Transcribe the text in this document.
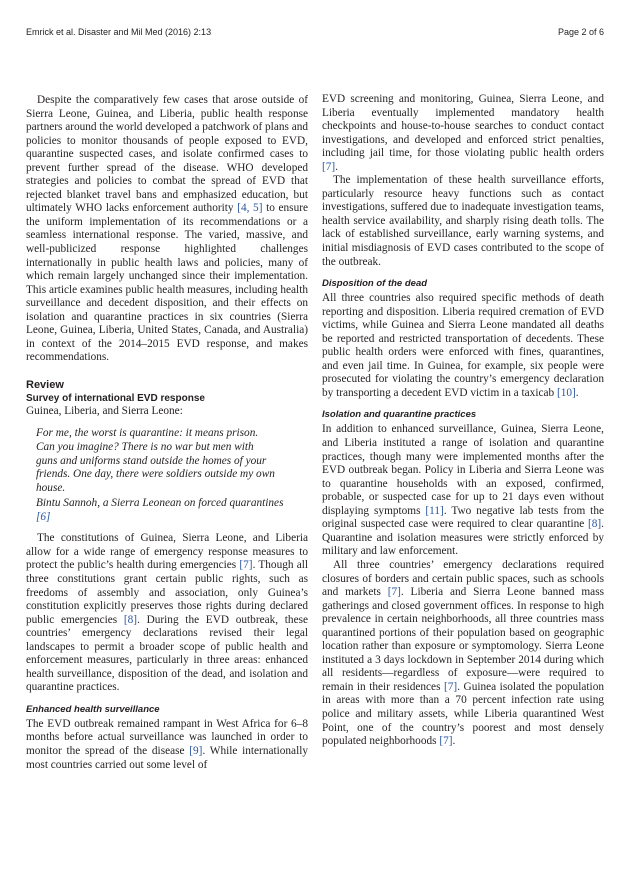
Emrick et al. Disaster and Mil Med (2016) 2:13	Page 2 of 6

Despite the comparatively few cases that arose outside of Sierra Leone, Guinea, and Liberia, public health response partners around the world developed a patchwork of plans and policies to monitor thousands of people exposed to EVD, quarantine suspected cases, and isolate confirmed cases to prevent further spread of the disease. WHO developed strategies and policies to combat the spread of EVD that rejected blanket travel bans and emphasized education, but ultimately WHO lacks enforcement authority [4, 5] to ensure the uniform implementation of its recommendations or a seamless international response. The varied, massive, and well-publicized response highlighted challenges internationally in public health laws and policies, many of which remain largely unchanged since their implementation. This article examines public health measures, including health surveillance and decedent disposition, and their effects on isolation and quarantine practices in six countries (Sierra Leone, Guinea, Liberia, United States, Canada, and Australia) in context of the 2014–2015 EVD response, and makes recommendations.

Review
Survey of international EVD response

Guinea, Liberia, and Sierra Leone:

For me, the worst is quarantine: it means prison.
Can you imagine? There is no war but men with
guns and uniforms stand outside the homes of your
friends. One day, there were soldiers outside my own
house.
Bintu Sannoh, a Sierra Leonean on forced quarantines [6]

The constitutions of Guinea, Sierra Leone, and Liberia allow for a wide range of emergency response measures to protect the public’s health during emergencies [7]. Though all three constitutions grant certain public rights, such as freedoms of assembly and association, only Guinea’s constitution explicitly preserves those rights during declared public emergencies [8]. During the EVD outbreak, these countries’ emergency declarations revised their legal landscapes to permit a broader scope of public health and enforcement measures, particularly in three areas: enhanced health surveillance, disposition of the dead, and isolation and quarantine practices.

Enhanced health surveillance

The EVD outbreak remained rampant in West Africa for 6–8 months before actual surveillance was launched in order to monitor the spread of the disease [9]. While internationally most countries carried out some level of

EVD screening and monitoring, Guinea, Sierra Leone, and Liberia eventually implemented mandatory health checkpoints and house-to-house searches to conduct contact investigations, and developed and enforced strict penalties, including jail time, for those violating public health orders [7].

The implementation of these health surveillance efforts, particularly resource heavy functions such as contact investigations, suffered due to inadequate investigation teams, health service availability, and sharply rising death tolls. The lack of established surveillance, early warning systems, and initial misdiagnosis of EVD cases contributed to the scope of the outbreak.

Disposition of the dead

All three countries also required specific methods of death reporting and disposition. Liberia required cremation of EVD victims, while Guinea and Sierra Leone mandated all deaths be reported and restricted transportation of decedents. These public health orders were enforced with fines, quarantines, and even jail time. In Guinea, for example, six people were prosecuted for violating the country’s emergency declaration by transporting a decedent EVD victim in a taxicab [10].

Isolation and quarantine practices

In addition to enhanced surveillance, Guinea, Sierra Leone, and Liberia instituted a range of isolation and quarantine practices, though many were implemented months after the EVD outbreak began. Policy in Liberia and Sierra Leone was to quarantine households with an exposed, confirmed, probable, or suspected case for up to 21 days even without displaying symptoms [11]. Two negative lab tests from the original suspected case were required to clear quarantine [8]. Quarantine and isolation measures were strictly enforced by military and law enforcement.

All three countries’ emergency declarations required closures of borders and certain public spaces, such as schools and markets [7]. Liberia and Sierra Leone banned mass gatherings and closed government offices. In response to high prevalence in certain neighborhoods, all three countries mass quarantined portions of their population based on geographic location rather than exposure or symptomology. Sierra Leone instituted a 3 days lockdown in September 2014 during which all residents—regardless of exposure—were required to remain in their residences [7]. Guinea isolated the population in areas with more than a 70 percent infection rate using police and military assets, while Liberia quarantined West Point, one of the country’s poorest and most densely populated neighborhoods [7].
